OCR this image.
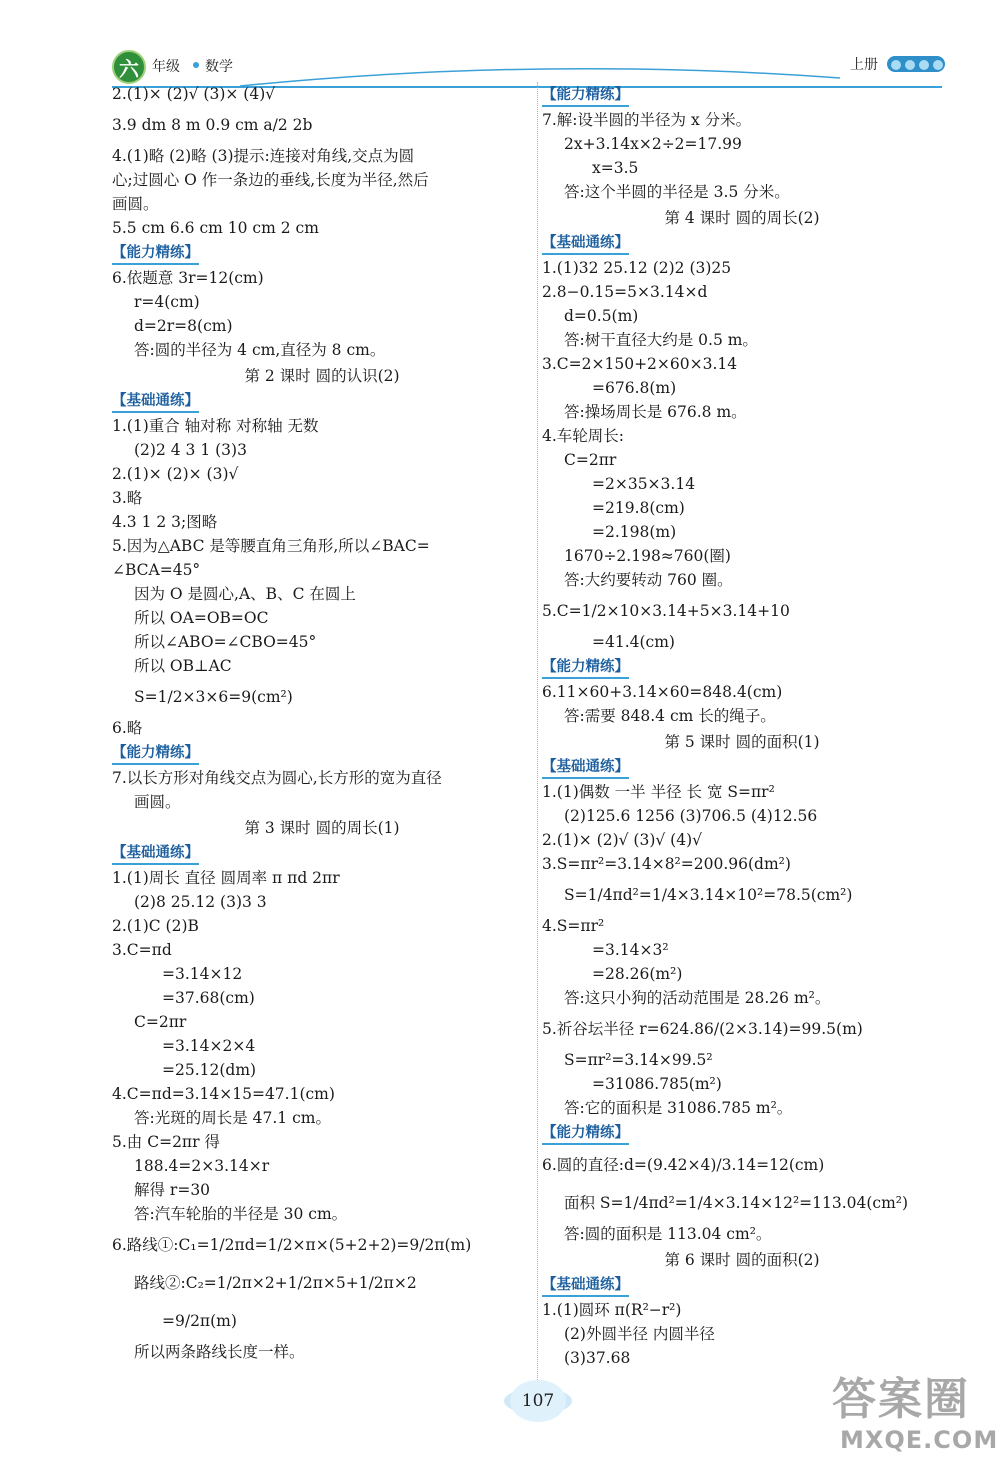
六 年级 数学	上册
2.(1)× (2)√ (3)× (4)√
3.9 dm 8 m 0.9 cm a/2 2b
4.(1)略 (2)略 (3)提示:连接对角线,交点为圆
心;过圆心 O 作一条边的垂线,长度为半径,然后
画圆。
5.5 cm 6.6 cm 10 cm 2 cm
【能力精练】
6.依题意 3r=12(cm)
r=4(cm)
d=2r=8(cm)
答:圆的半径为 4 cm,直径为 8 cm。
第 2 课时 圆的认识(2)
【基础通练】
1.(1)重合 轴对称 对称轴 无数
(2)2 4 3 1 (3)3
2.(1)× (2)× (3)√
3.略
4.3 1 2 3;图略
5.因为△ABC 是等腰直角三角形,所以∠BAC=
∠BCA=45°
因为 O 是圆心,A、B、C 在圆上
所以 OA=OB=OC
所以∠ABO=∠CBO=45°
所以 OB⊥AC
S=1/2×3×6=9(cm²)
6.略
【能力精练】
7.以长方形对角线交点为圆心,长方形的宽为直径
画圆。
第 3 课时 圆的周长(1)
【基础通练】
1.(1)周长 直径 圆周率 π πd 2πr
(2)8 25.12 (3)3 3
2.(1)C (2)B
3.C=πd
=3.14×12
=37.68(cm)
C=2πr
=3.14×2×4
=25.12(dm)
4.C=πd=3.14×15=47.1(cm)
答:光斑的周长是 47.1 cm。
5.由 C=2πr 得
188.4=2×3.14×r
解得 r=30
答:汽车轮胎的半径是 30 cm。
6.路线①:C₁=1/2πd=1/2×π×(5+2+2)=9/2π(m)
路线②:C₂=1/2π×2+1/2π×5+1/2π×2
=9/2π(m)
所以两条路线长度一样。
【能力精练】
7.解:设半圆的半径为 x 分米。
2x+3.14x×2÷2=17.99
x=3.5
答:这个半圆的半径是 3.5 分米。
第 4 课时 圆的周长(2)
【基础通练】
1.(1)32 25.12 (2)2 (3)25
2.8−0.15=5×3.14×d
d=0.5(m)
答:树干直径大约是 0.5 m。
3.C=2×150+2×60×3.14
=676.8(m)
答:操场周长是 676.8 m。
4.车轮周长:
C=2πr
=2×35×3.14
=219.8(cm)
=2.198(m)
1670÷2.198≈760(圈)
答:大约要转动 760 圈。
5.C=1/2×10×3.14+5×3.14+10
=41.4(cm)
【能力精练】
6.11×60+3.14×60=848.4(cm)
答:需要 848.4 cm 长的绳子。
第 5 课时 圆的面积(1)
【基础通练】
1.(1)偶数 一半 半径 长 宽 S=πr²
(2)125.6 1256 (3)706.5 (4)12.56
2.(1)× (2)√ (3)√ (4)√
3.S=πr²=3.14×8²=200.96(dm²)
S=1/4πd²=1/4×3.14×10²=78.5(cm²)
4.S=πr²
=3.14×3²
=28.26(m²)
答:这只小狗的活动范围是 28.26 m²。
5.祈谷坛半径 r=624.86/(2×3.14)=99.5(m)
S=πr²=3.14×99.5²
=31086.785(m²)
答:它的面积是 31086.785 m²。
【能力精练】
6.圆的直径:d=(9.42×4)/3.14=12(cm)
面积 S=1/4πd²=1/4×3.14×12²=113.04(cm²)
答:圆的面积是 113.04 cm²。
第 6 课时 圆的面积(2)
【基础通练】
1.(1)圆环 π(R²−r²)
(2)外圆半径 内圆半径
(3)37.68
107	答案圈
MXQE.COM
